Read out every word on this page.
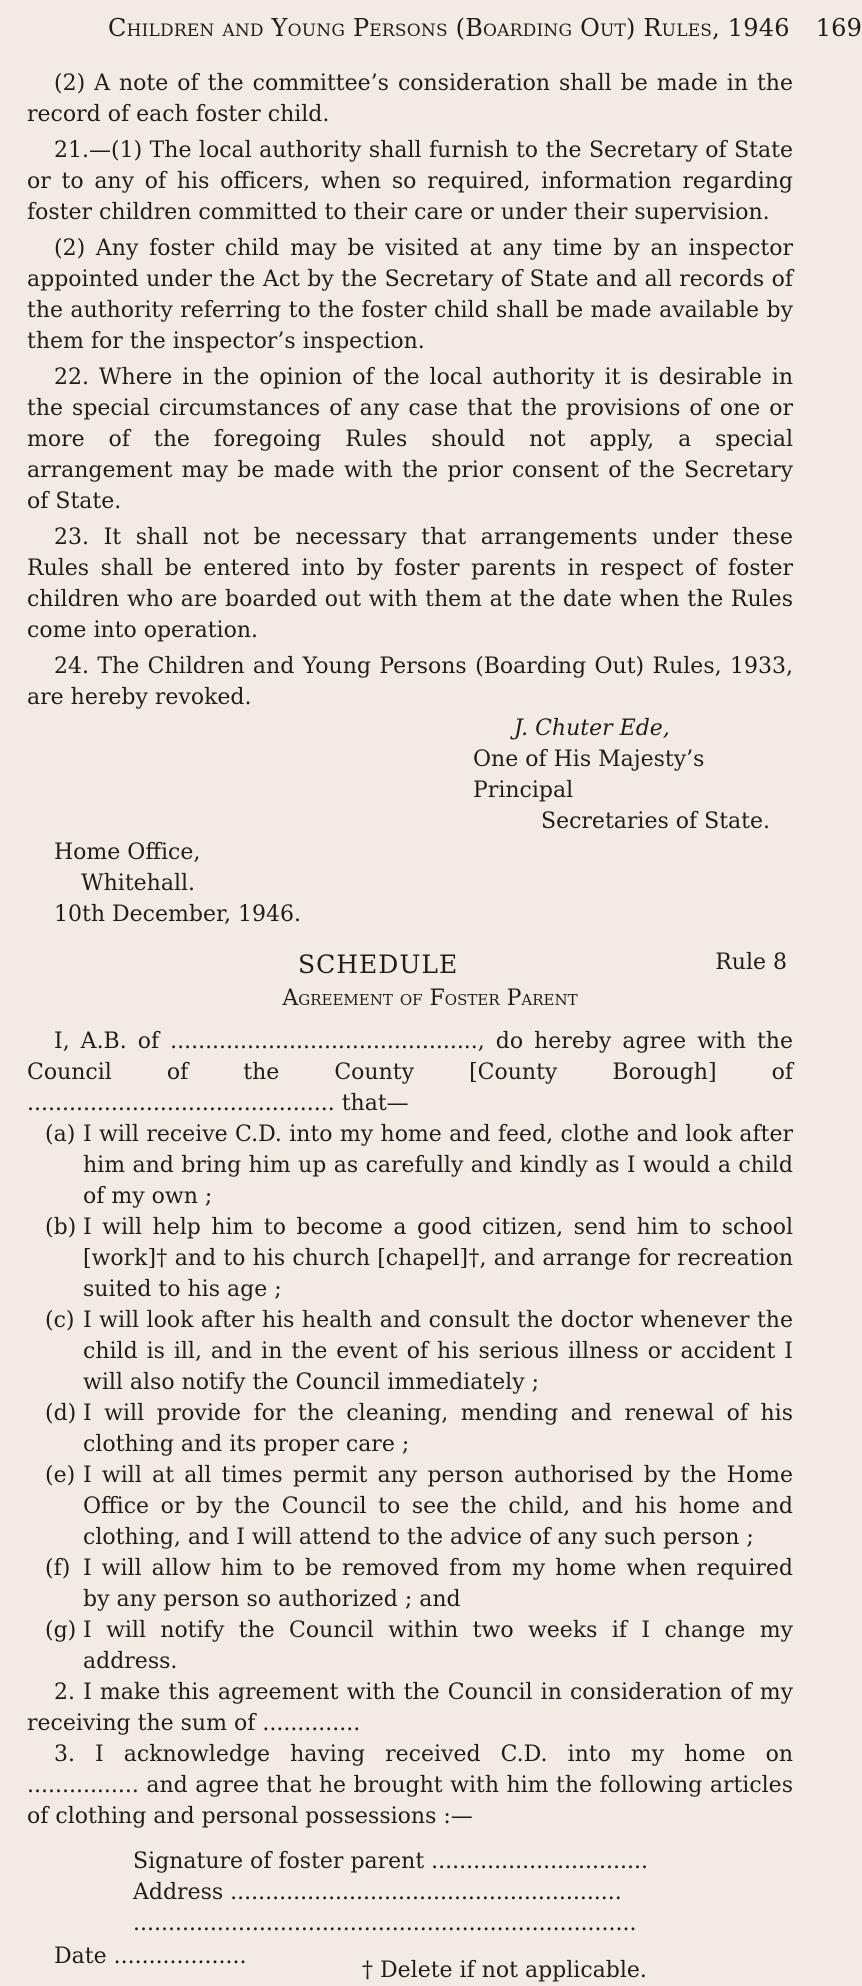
Children and Young Persons (Boarding Out) Rules, 1946 169

(2) A note of the committee’s consideration shall be made in the record of each foster child.

21.—(1) The local authority shall furnish to the Secretary of State or to any of his officers, when so required, information regarding foster children committed to their care or under their supervision.

(2) Any foster child may be visited at any time by an inspector appointed under the Act by the Secretary of State and all records of the authority referring to the foster child shall be made available by them for the inspector’s inspection.

22. Where in the opinion of the local authority it is desirable in the special circumstances of any case that the provisions of one or more of the foregoing Rules should not apply, a special arrangement may be made with the prior consent of the Secretary of State.

23. It shall not be necessary that arrangements under these Rules shall be entered into by foster parents in respect of foster children who are boarded out with them at the date when the Rules come into operation.

24. The Children and Young Persons (Boarding Out) Rules, 1933, are hereby revoked.

J. Chuter Ede,
One of His Majesty’s Principal
Secretaries of State.
Home Office,
Whitehall.
10th December, 1946.
SCHEDULE	Rule 8
Agreement of Foster Parent

I, A.B. of ............................................, do hereby agree with the Council of the County [County Borough] of ............................................ that—

(a) I will receive C.D. into my home and feed, clothe and look after him and bring him up as carefully and kindly as I would a child of my own ;
(b) I will help him to become a good citizen, send him to school [work]† and to his church [chapel]†, and arrange for recreation suited to his age ;
(c) I will look after his health and consult the doctor whenever the child is ill, and in the event of his serious illness or accident I will also notify the Council immediately ;
(d) I will provide for the cleaning, mending and renewal of his clothing and its proper care ;
(e) I will at all times permit any person authorised by the Home Office or by the Council to see the child, and his home and clothing, and I will attend to the advice of any such person ;
(f) I will allow him to be removed from my home when required by any person so authorized ; and
(g) I will notify the Council within two weeks if I change my address.

2. I make this agreement with the Council in consideration of my receiving the sum of ..............

3. I acknowledge having received C.D. into my home on ................ and agree that he brought with him the following articles of clothing and personal possessions :—

Signature of foster parent ...............................
Address ........................................................
........................................................................
Date ...................
† Delete if not applicable.
